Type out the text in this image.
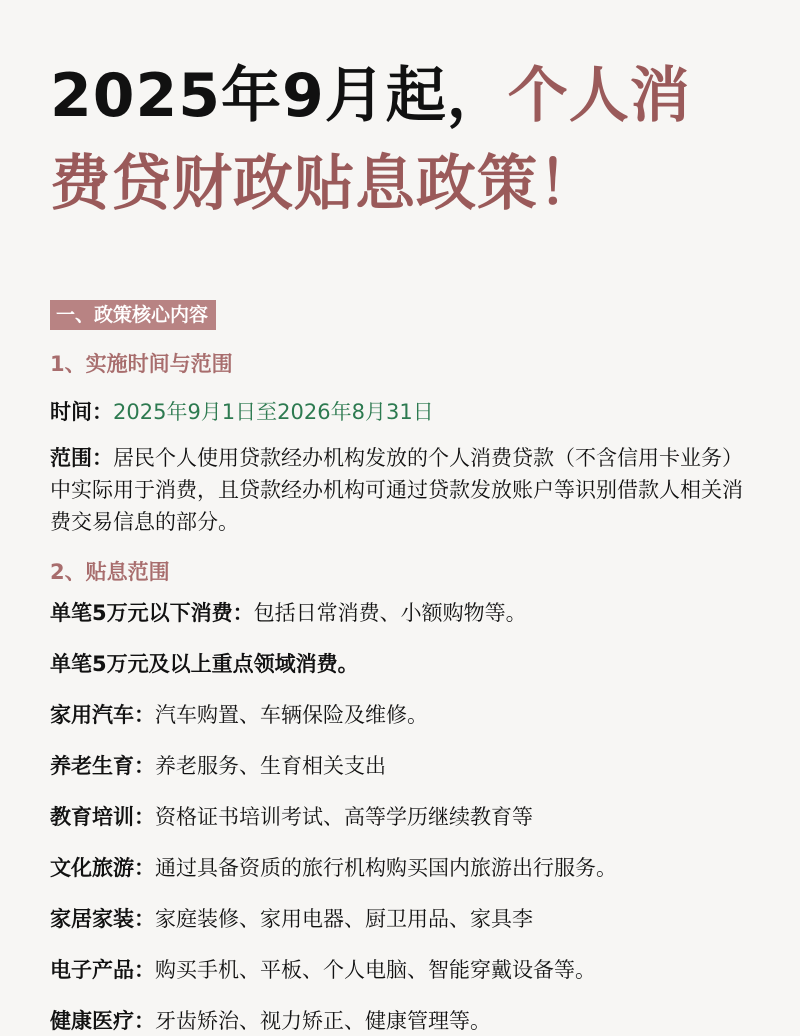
2025年9月起，个人消
费贷财政贴息政策！
一、政策核心内容
1、实施时间与范围

时间：2025年9月1日至2026年8月31日

范围：居民个人使用贷款经办机构发放的个人消费贷款（不含信用卡业务）中实际用于消费，且贷款经办机构可通过贷款发放账户等识别借款人相关消费交易信息的部分。

2、贴息范围
单笔5万元以下消费：包括日常消费、小额购物等。
单笔5万元及以上重点领域消费。
家用汽车：汽车购置、车辆保险及维修。
养老生育：养老服务、生育相关支出
教育培训：资格证书培训考试、高等学历继续教育等
文化旅游：通过具备资质的旅行机构购买国内旅游出行服务。
家居家装：家庭装修、家用电器、厨卫用品、家具李
电子产品：购买手机、平板、个人电脑、智能穿戴设备等。
健康医疗：牙齿矫治、视力矫正、健康管理等。
